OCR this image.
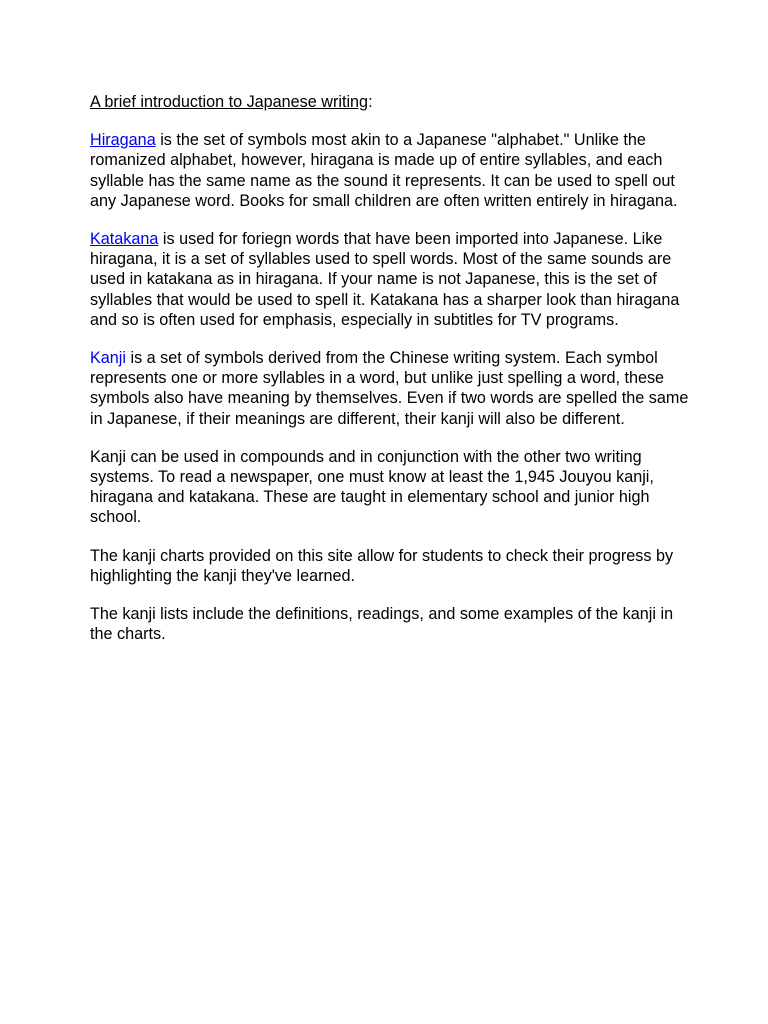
A brief introduction to Japanese writing:

Hiragana is the set of symbols most akin to a Japanese "alphabet." Unlike the romanized alphabet, however, hiragana is made up of entire syllables, and each syllable has the same name as the sound it represents. It can be used to spell out any Japanese word. Books for small children are often written entirely in hiragana.

Katakana is used for foriegn words that have been imported into Japanese. Like hiragana, it is a set of syllables used to spell words. Most of the same sounds are used in katakana as in hiragana. If your name is not Japanese, this is the set of syllables that would be used to spell it. Katakana has a sharper look than hiragana and so is often used for emphasis, especially in subtitles for TV programs.

Kanji is a set of symbols derived from the Chinese writing system. Each symbol represents one or more syllables in a word, but unlike just spelling a word, these symbols also have meaning by themselves. Even if two words are spelled the same in Japanese, if their meanings are different, their kanji will also be different.

Kanji can be used in compounds and in conjunction with the other two writing systems. To read a newspaper, one must know at least the 1,945 Jouyou kanji, hiragana and katakana. These are taught in elementary school and junior high school.

The kanji charts provided on this site allow for students to check their progress by highlighting the kanji they've learned.

The kanji lists include the definitions, readings, and some examples of the kanji in the charts.
